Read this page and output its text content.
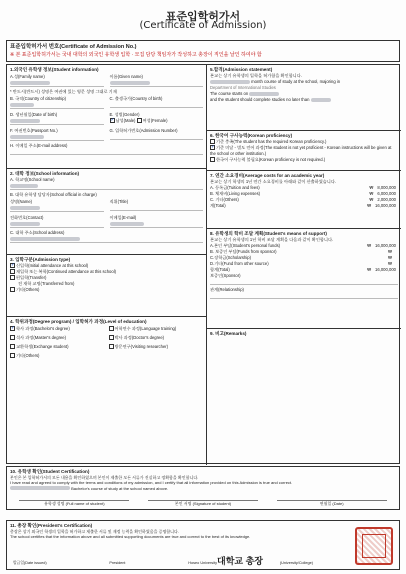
표준입학허가서
(Certificate of Admission)
표준입학허가서 번호(Certificate of Admission No.)
※ 본 표준입학허가서는 국내 대학의 외국인 유학생 입학 · 모집 담당 책임자가 작성하고 총장이 직인을 날인 하여야 함
1.외국인 유학생 정보(Student information)
A.성(Family name)	이름(Given name)
* 반드시(반드시) 성명은 여권에 있는 영문 성명 그대로 기재
B. 국적(Country of citizenship)	C. 출생국가(Country of birth)
D. 생년월일(Date of birth)	E. 성별(Gender)
✓남성(Male) 여성(Female)
F. 여권번호(Passport No.)	G. 입학허가번호(Admission Number)
H. 이메일 주소(E-mail address)
2. 대학 정보(School information)
A. 학교명(School name)
B. 대학 유학생 담당자(School official in charge)
성명(Name)	직위(Title)
전화번호(Contact)	이메일(E-mail)
C. 대학 주소(School address)
3. 입학구분(Admission type)
✓신입학(Initial attendance at this school)
재입학 또는 복학(Continued attendance at this school)
편입학(Transfer)
전 재학 교명(Transferred from)
기타(Others)
4. 학위과정(Degree program) / 입학허가 과정(Level of education)
✓학사 과정(Bachelor's degree)	어학연수 과정(Language training)
석사 과정(Master's degree)	박사 과정(Doctor's degree)
교환학생(Exchange student)	방문연구(Visiting researcher)
기타(Others)
5.합격(Admission statement)
본교는 상기 유학생의 입학을 허가함을 확인합니다.
month course of study at the school, majoring in
Department of International Studies
The course starts on
and the student should complete studies no later than
6. 한국어 구사능력(Korean proficiency)
기준 충족(The student has the required Korean proficiency.)
✓기준 미달 - 별도 언어 과정(The student is not yet proficient - Korean instructions will be given at the school or other institution.)
한국어 구사능력 불필요(Korean proficiency is not required.)
7. 연간 소요경비(Average costs for an academic year)
본교는 상기 학생의 1년 연간 소요경비를 아래와 같이 산출하였습니다.
A. 등록금(Tuition and fees)	₩ 8,000,000
B. 체재비(Living expenses)	₩ 6,000,000
C. 기타(Others)	₩ 2,000,000
계(Total)	₩ 16,000,000
8. 유학생의 학비 조달 계획(Student's means of support)
본교는 상기 유학생의 1년 학비 조달 계획을 다음과 같이 확인합니다.
A.본인 부담(Student's personal funds)	₩ 16,000,000
B. 보증인 부담(Funds from sponsor)	₩
C.장학금(Scholarship)	₩
D.기타(Fund from other source)	₩
합계(Total)	₩ 16,000,000
보증인(Sponsor)
관계(Relationship)
9. 비고(Remarks)
10. 유학생 확인(Student Certification)
본인은 본 입학허가서의 모든 내용을 확인하였으며 본인이 제출한 모든 서류가 진실하고 정확함을 확인합니다.
I have read and agreed to comply with the terms and conditions of my admission, and I certify that all information provided on this Admission is true and correct.
Bachelor's course of study at the school named above.
유학생 성명 (Full name of student)	본인 서명 (Signature of student)	연월일 (Date)
11. 총장 확인(President's Certification)
총장은 상기 외국인 학생의 입학을 허가하고 제출한 서류 및 재정 능력을 확인하였음을 증명합니다.
The school certifies that the information above and all submitted supporting documents are true and correct to the best of its knowledge.
대학교 총장
발급일(Date issued)	President	Hoseo University	(University/College)
